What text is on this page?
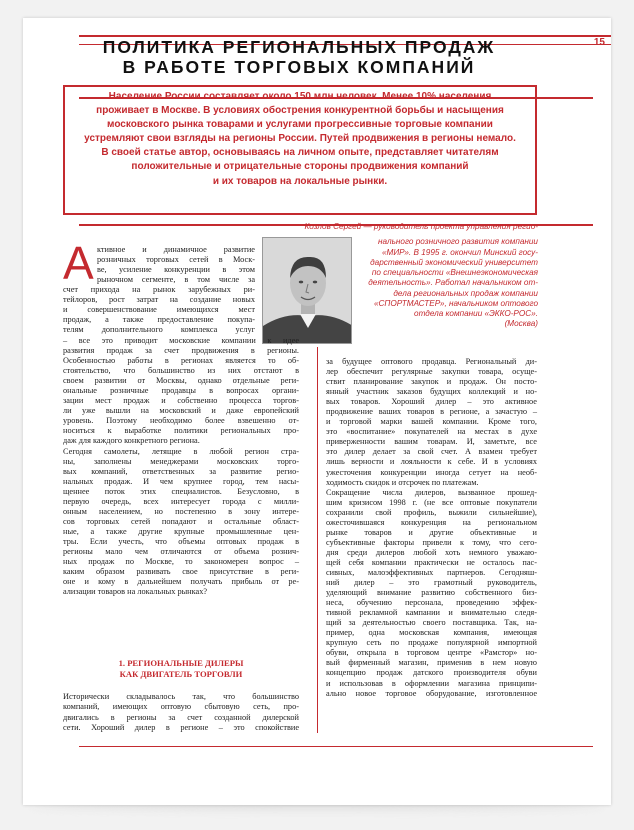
15
ПОЛИТИКА РЕГИОНАЛЬНЫХ ПРОДАЖ
В РАБОТЕ ТОРГОВЫХ КОМПАНИЙ
Население России составляет около 150 млн человек. Менее 10% населения
проживает в Москве. В условиях обострения конкурентной борьбы и насыщения
московского рынка товарами и услугами прогрессивные торговые компании
устремляют свои взгляды на регионы России. Путей продвижения в регионы немало.
В своей статье автор, основываясь на личном опыте, представляет читателям
положительные и отрицательные стороны продвижения компаний
и их товаров на локальные рынки.
Козлов Сергей — руководитель проекта управления регио-
нального розничного развития компании
«МИР». В 1995 г. окончил Минский госу-
дарственный экономический университет
по специальности «Внешнеэкономическая
деятельность». Работал начальником от-
дела региональных продаж компании
«СПОРТМАСТЕР», начальником оптового
отдела компании «ЭККО-РОС».
(Москва)
А ктивное и динамичное развитие
розничных торговых сетей в Моск-
ве, усиление конкуренции в этом
рыночном сегменте, в том числе за
счет прихода на рынок зарубежных ри-
тейлоров, рост затрат на создание новых
и совершенствование имеющихся мест
продаж, а также предоставление покупа-
телям дополнительного комплекса услуг
– все это приводит московские компании к идее
развития продаж за счет продвижения в регионы.
Особенностью работы в регионах является то об-
стоятельство, что большинство из них отстают в
своем развитии от Москвы, однако отдельные реги-
ональные розничные продавцы в вопросах органи-
зации мест продаж и собственно процесса торгов-
ли уже вышли на московский и даже европейский
уровень. Поэтому необходимо более взвешенно от-
носиться к выработке политики региональных про-
даж для каждого конкретного региона.
Сегодня самолеты, летящие в любой регион стра-
ны, заполнены менеджерами московских торго-
вых компаний, ответственных за развитие регио-
нальных продаж. И чем крупнее город, тем насы-
щеннее поток этих специалистов. Безусловно, в
первую очередь, всех интересует города с милли-
онным населением, но постепенно в зону интере-
сов торговых сетей попадают и остальные област-
ные, а также другие крупные промышленные цен-
тры. Если учесть, что объемы оптовых продаж в
регионы мало чем отличаются от объема рознич-
ных продаж по Москве, то закономерен вопрос –
каким образом развивать свое присутствие в реги-
оне и кому в дальнейшем получать прибыль от ре-
ализации товаров на локальных рынках?
1. РЕГИОНАЛЬНЫЕ ДИЛЕРЫ
КАК ДВИГАТЕЛЬ ТОРГОВЛИ
Исторически складывалось так, что большинство
компаний, имеющих оптовую сбытовую сеть, про-
двигались в регионы за счет созданной дилерской
сети. Хороший дилер в регионе – это спокойствие
за будущее оптового продавца. Региональный ди-
лер обеспечит регулярные закупки товара, осуще-
ствит планирование закупок и продаж. Он посто-
янный участник заказов будущих коллекций и но-
вых товаров. Хороший дилер – это активное
продвижение ваших товаров в регионе, а зачастую –
и торговой марки вашей компании. Кроме того,
это «воспитание» покупателей на местах в духе
приверженности вашим товарам. И, заметьте, все
это дилер делает за свой счет. А взамен требует
лишь верности и лояльности к себе. И в условиях
ужесточения конкуренции иногда сетует на необ-
ходимость скидок и отсрочек по платежам.
Сокращение числа дилеров, вызванное прошед-
шим кризисом 1998 г. (не все оптовые покупатели
сохранили свой профиль, выжили сильнейшие),
ожесточившаяся конкуренция на региональном
рынке товаров и другие объективные и
субъективные факторы привели к тому, что сего-
дня среди дилеров любой хоть немного уважаю-
щей себя компании практически не осталось пас-
сивных, малоэффективных партнеров. Сегодняш-
ний дилер – это грамотный руководитель,
уделяющий внимание развитию собственного биз-
неса, обучению персонала, проведению эффек-
тивной рекламной кампании и внимательно следя-
щий за деятельностью своего поставщика. Так, на-
пример, одна московская компания, имеющая
крупную сеть по продаже популярной импортной
обуви, открыла в торговом центре «Рамстор» но-
вый фирменный магазин, применив в нем новую
концепцию продаж датского производителя обуви
и использовав в оформлении магазина принципи-
ально новое торговое оборудование, изготовленное
